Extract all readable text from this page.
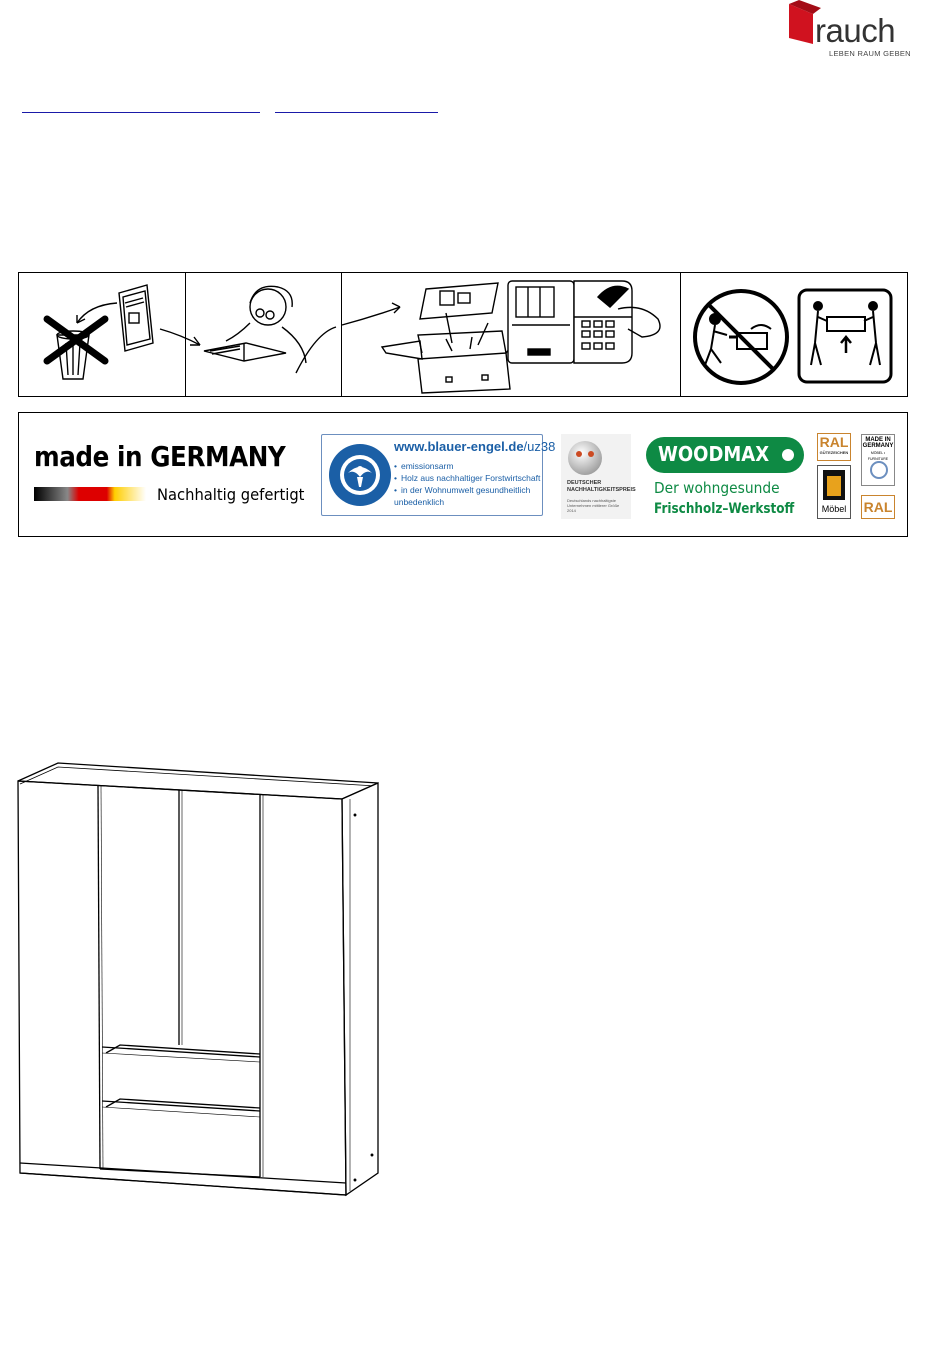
rauch
LEBEN RAUM GEBEN
made in GERMANY
Nachhaltig gefertigt
www.blauer-engel.de/uz38
• emissionsarm
• Holz aus nachhaltiger Forstwirtschaft
• in der Wohnumwelt gesundheitlich unbedenklich
DEUTSCHER NACHHALTIGKEITSPREIS
Deutschlands nachhaltigste Unternehmen mittlerer Größe 2014
WOODMAX
Der wohngesunde
Frischholz–Werkstoff
RAL
GÜTEZEICHEN
Möbel
MADE IN GERMANY
MÖBEL • FURNITURE
RAL
